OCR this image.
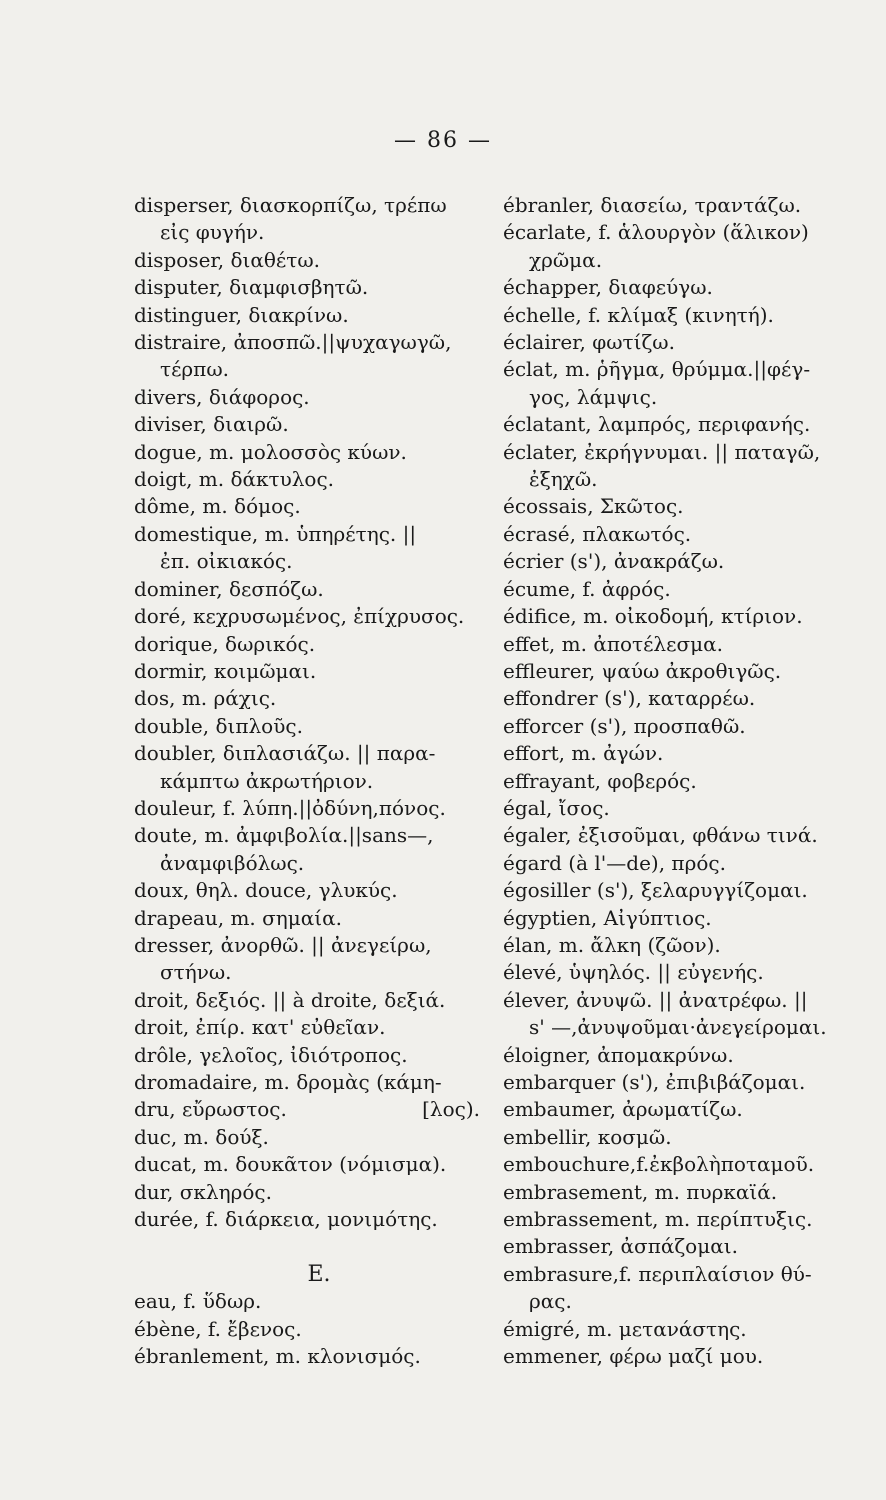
— 86 —
disperser, διασκορπίζω, τρέπω
εἰς φυγήν.
disposer, διαθέτω.
disputer, διαμφισβητῶ.
distinguer, διακρίνω.
distraire, ἀποσπῶ.||ψυχαγωγῶ,
τέρπω.
divers, διάφορος.
diviser, διαιρῶ.
dogue, m. μολοσσὸς κύων.
doigt, m. δάκτυλος.
dôme, m. δόμος.
domestique, m. ὑπηρέτης. ||
ἐπ. οἰκιακός.
dominer, δεσπόζω.
doré, κεχρυσωμένος, ἐπίχρυσος.
dorique, δωρικός.
dormir, κοιμῶμαι.
dos, m. ράχις.
double, διπλοῦς.
doubler, διπλασιάζω. || παρα-
κάμπτω ἀκρωτήριον.
douleur, f. λύπη.||ὀδύνη,πόνος.
doute, m. ἀμφιβολία.||sans—,
ἀναμφιβόλως.
doux, θηλ. douce, γλυκύς.
drapeau, m. σημαία.
dresser, ἀνορθῶ. || ἀνεγείρω,
στήνω.
droit, δεξιός. || à droite, δεξιά.
droit, ἐπίρ. κατ' εὐθεῖαν.
drôle, γελοῖος, ἰδιότροπος.
dromadaire, m. δρομὰς (κάμη-
dru, εὔρωστος.	[λος).
duc, m. δούξ.
ducat, m. δουκᾶτον (νόμισμα).
dur, σκληρός.
durée, f. διάρκεια, μονιμότης.

E.
eau, f. ὕδωρ.
ébène, f. ἔβενος.
ébranlement, m. κλονισμός.
ébranler, διασείω, τραντάζω.
écarlate, f. ἁλουργὸν (ἅλικον)
χρῶμα.
échapper, διαφεύγω.
échelle, f. κλίμαξ (κινητή).
éclairer, φωτίζω.
éclat, m. ῥῆγμα, θρύμμα.||φέγ-
γος, λάμψις.
éclatant, λαμπρός, περιφανής.
éclater, ἐκρήγνυμαι. || παταγῶ,
ἐξηχῶ.
écossais, Σκῶτος.
écrasé, πλακωτός.
écrier (s'), ἀνακράζω.
écume, f. ἀφρός.
édifice, m. οἰκοδομή, κτίριον.
effet, m. ἀποτέλεσμα.
effleurer, ψαύω ἀκροθιγῶς.
effondrer (s'), καταρρέω.
efforcer (s'), προσπαθῶ.
effort, m. ἀγών.
effrayant, φοβερός.
égal, ἴσος.
égaler, ἐξισοῦμαι, φθάνω τινά.
égard (à l'—de), πρός.
égosiller (s'), ξελαρυγγίζομαι.
égyptien, Αἰγύπτιος.
élan, m. ἄλκη (ζῶον).
élevé, ὑψηλός. || εὐγενής.
élever, ἀνυψῶ. || ἀνατρέφω. ||
s' —,ἀνυψοῦμαι·ἀνεγείρομαι.
éloigner, ἀπομακρύνω.
embarquer (s'), ἐπιβιβάζομαι.
embaumer, ἀρωματίζω.
embellir, κοσμῶ.
embouchure,f.ἐκβολὴποταμοῦ.
embrasement, m. πυρκαϊά.
embrassement, m. περίπτυξις.
embrasser, ἀσπάζομαι.
embrasure,f. περιπλαίσιον θύ-
ρας.
émigré, m. μετανάστης.
emmener, φέρω μαζί μου.
